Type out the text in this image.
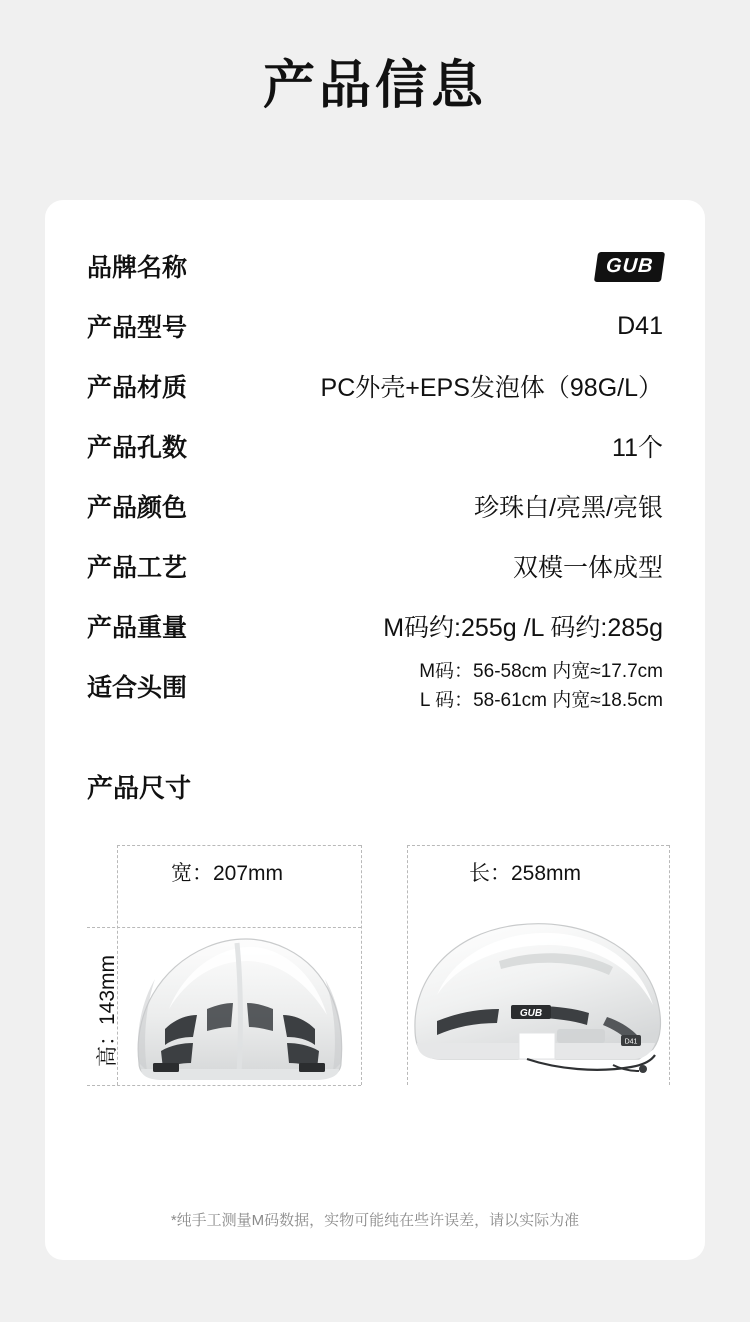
产品信息
品牌名称	GUB
产品型号	D41
产品材质	PC外壳+EPS发泡体（98G/L）
产品孔数	11个
产品颜色	珍珠白/亮黑/亮银
产品工艺	双模一体成型
产品重量	M码约:255g /L 码约:285g
适合头围	M码：56-58cm 内宽≈17.7cm
L 码：58-61cm 内宽≈18.5cm
产品尺寸
宽：207mm
高：143mm
长：258mm
GUB
D41
*纯手工测量M码数据，实物可能纯在些许误差，请以实际为准
